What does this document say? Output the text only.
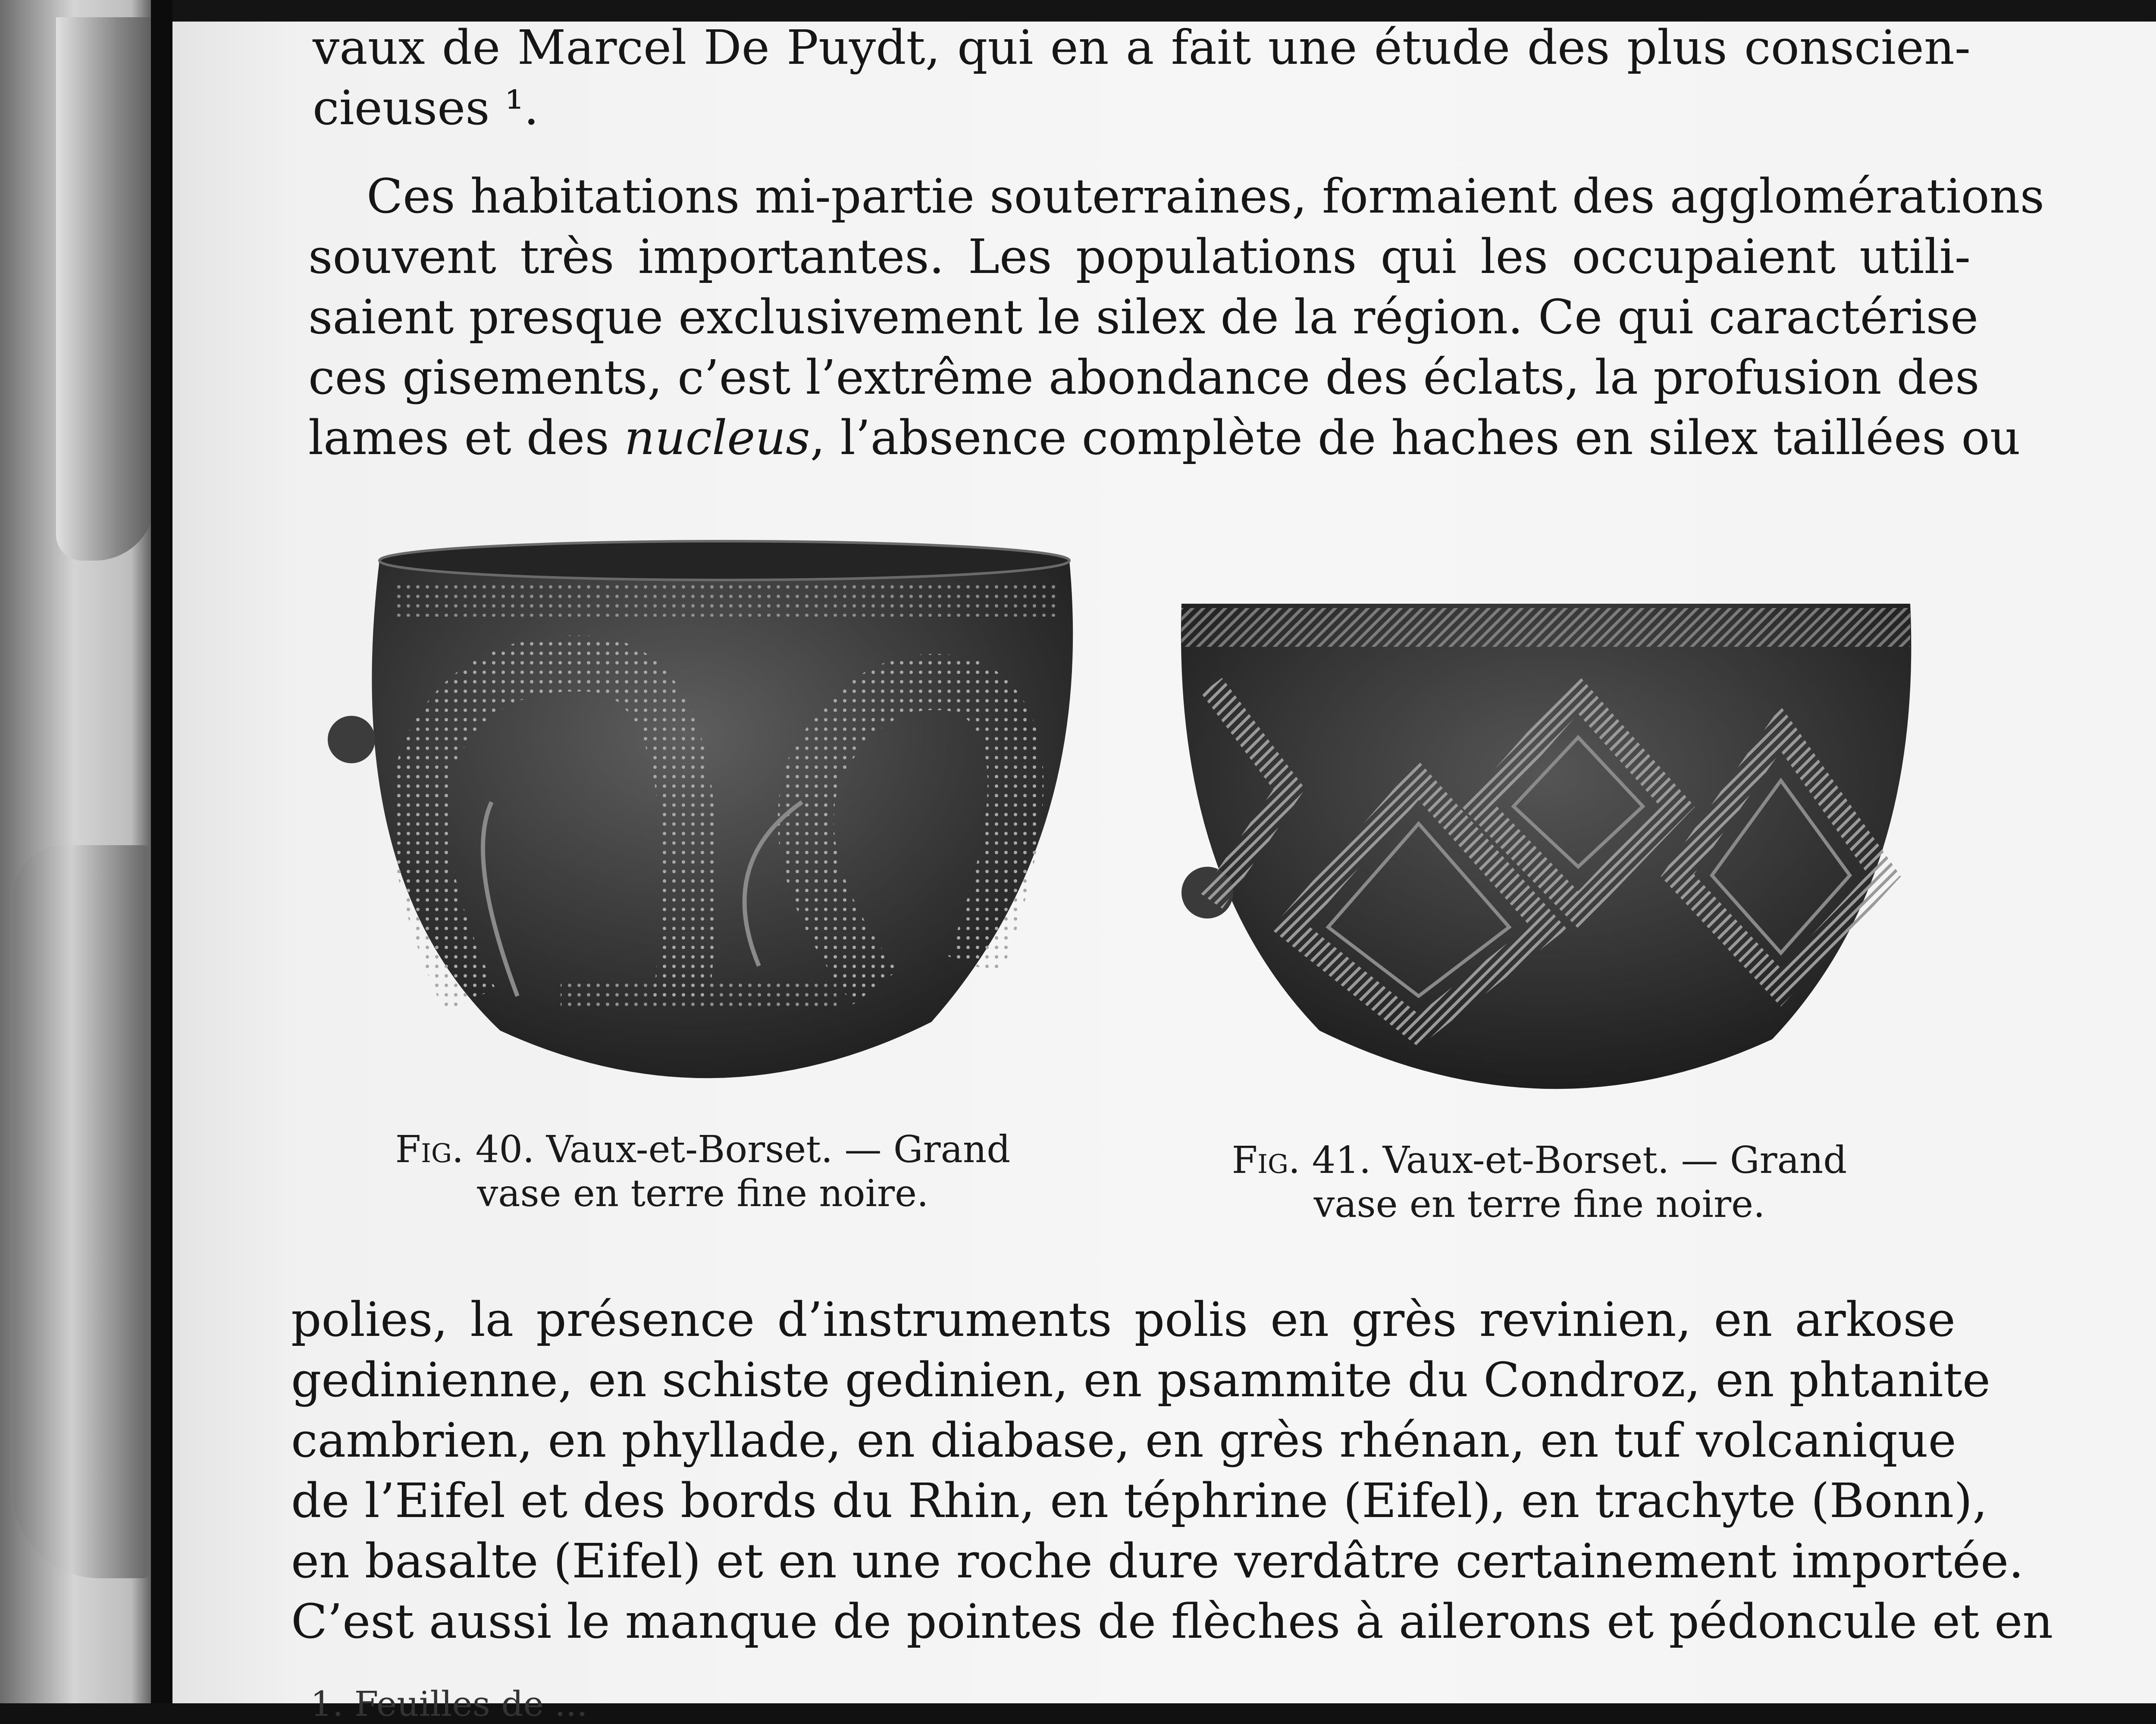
vaux de Marcel De Puydt, qui en a fait une étude des plus conscien-
cieuses ¹.
Ces habitations mi-partie souterraines, formaient des agglomérations
souvent très importantes. Les populations qui les occupaient utili-
saient presque exclusivement le silex de la région. Ce qui caractérise
ces gisements, c’est l’extrême abondance des éclats, la profusion des
lames et des nucleus, l’absence complète de haches en silex taillées ou
Fig. 40. Vaux-et-Borset. — Grand
vase en terre fine noire.
Fig. 41. Vaux-et-Borset. — Grand
vase en terre fine noire.
polies, la présence d’instruments polis en grès revinien, en arkose
gedinienne, en schiste gedinien, en psammite du Condroz, en phtanite
cambrien, en phyllade, en diabase, en grès rhénan, en tuf volcanique
de l’Eifel et des bords du Rhin, en téphrine (Eifel), en trachyte (Bonn),
en basalte (Eifel) et en une roche dure verdâtre certainement importée.
C’est aussi le manque de pointes de flèches à ailerons et pédoncule et en
1. Feuilles de ...
